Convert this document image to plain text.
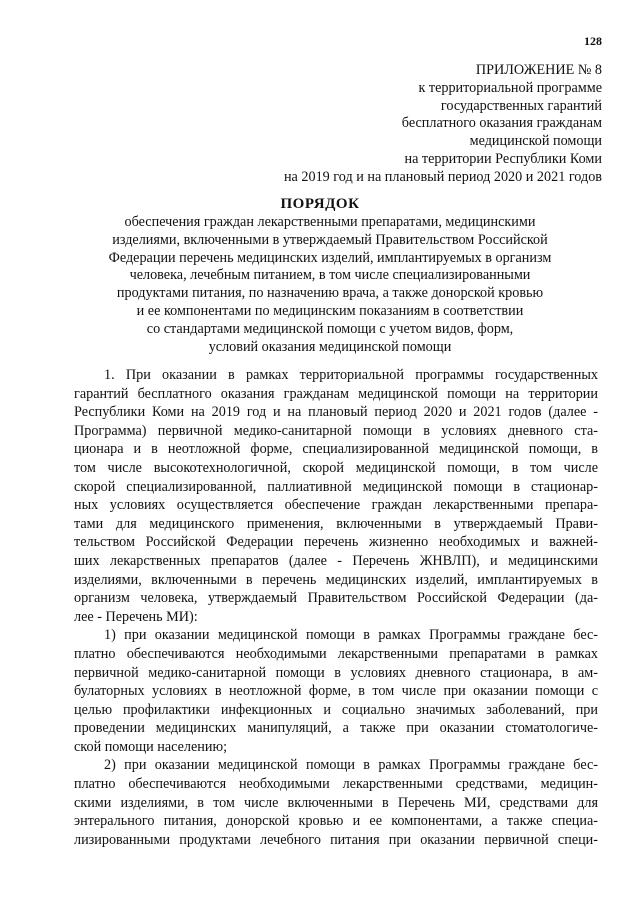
128
ПРИЛОЖЕНИЕ № 8
к территориальной программе
государственных гарантий
бесплатного оказания гражданам
медицинской помощи
на территории Республики Коми
на 2019 год и на плановый период 2020 и 2021 годов
ПОРЯДОК
обеспечения граждан лекарственными препаратами, медицинскими
изделиями, включенными в утверждаемый Правительством Российской
Федерации перечень медицинских изделий, имплантируемых в организм
человека, лечебным питанием, в том числе специализированными
продуктами питания, по назначению врача, а также донорской кровью
и ее компонентами по медицинским показаниям в соответствии
со стандартами медицинской помощи с учетом видов, форм,
условий оказания медицинской помощи
1. При оказании в рамках территориальной программы государственных
гарантий бесплатного оказания гражданам медицинской помощи на территории
Республики Коми на 2019 год и на плановый период 2020 и 2021 годов (далее -
Программа) первичной медико-санитарной помощи в условиях дневного ста-
ционара и в неотложной форме, специализированной медицинской помощи, в
том числе высокотехнологичной, скорой медицинской помощи, в том числе
скорой специализированной, паллиативной медицинской помощи в стационар-
ных условиях осуществляется обеспечение граждан лекарственными препара-
тами для медицинского применения, включенными в утверждаемый Прави-
тельством Российской Федерации перечень жизненно необходимых и важней-
ших лекарственных препаратов (далее - Перечень ЖНВЛП), и медицинскими
изделиями, включенными в перечень медицинских изделий, имплантируемых в
организм человека, утверждаемый Правительством Российской Федерации (да-
лее - Перечень МИ):
1) при оказании медицинской помощи в рамках Программы граждане бес-
платно обеспечиваются необходимыми лекарственными препаратами в рамках
первичной медико-санитарной помощи в условиях дневного стационара, в ам-
булаторных условиях в неотложной форме, в том числе при оказании помощи с
целью профилактики инфекционных и социально значимых заболеваний, при
проведении медицинских манипуляций, а также при оказании стоматологиче-
ской помощи населению;
2) при оказании медицинской помощи в рамках Программы граждане бес-
платно обеспечиваются необходимыми лекарственными средствами, медицин-
скими изделиями, в том числе включенными в Перечень МИ, средствами для
энтерального питания, донорской кровью и ее компонентами, а также специа-
лизированными продуктами лечебного питания при оказании первичной специ-
